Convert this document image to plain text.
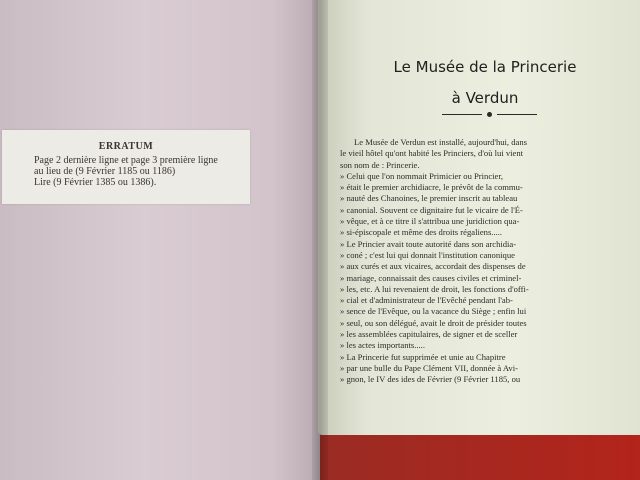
ERRATUM
Page 2 dernière ligne et page 3 première ligne
au lieu de (9 Février 1185 ou 1186)
Lire (9 Février 1385 ou 1386).
Le Musée de la Princerie
à Verdun
Le Musée de Verdun est installé, aujourd'hui, dans
le vieil hôtel qu'ont habité les Princiers, d'où lui vient
son nom de : Princerie.
» Celui que l'on nommait Primicier ou Princier,
» était le premier archidiacre, le prévôt de la commu-
» nauté des Chanoines, le premier inscrit au tableau
» canonial. Souvent ce dignitaire fut le vicaire de l'É-
» vêque, et à ce titre il s'attribua une juridiction qua-
» si-épiscopale et même des droits régaliens.....
» Le Princier avait toute autorité dans son archidia-
» coné ; c'est lui qui donnait l'institution canonique
» aux curés et aux vicaires, accordait des dispenses de
» mariage, connaissait des causes civiles et criminel-
» les, etc. A lui revenaient de droit, les fonctions d'offi-
» cial et d'administrateur de l'Evêché pendant l'ab-
» sence de l'Evêque, ou la vacance du Siège ; enfin lui
» seul, ou son délégué, avait le droit de présider toutes
» les assemblées capitulaires, de signer et de sceller
» les actes importants.....
» La Princerie fut supprimée et unie au Chapitre
» par une bulle du Pape Clément VII, donnée à Avi-
» gnon, le IV des ides de Février (9 Février 1185, ou
